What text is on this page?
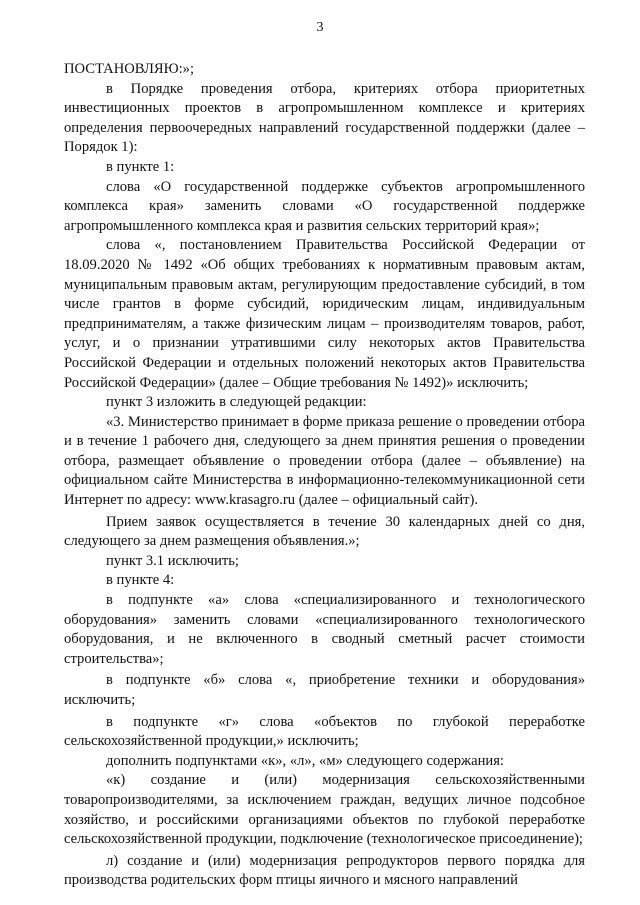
3

ПОСТАНОВЛЯЮ:»;

в Порядке проведения отбора, критериях отбора приоритетных инвестиционных проектов в агропромышленном комплексе и критериях определения первоочередных направлений государственной поддержки (далее – Порядок 1):

в пункте 1:

слова «О государственной поддержке субъектов агропромышленного комплекса края» заменить словами «О государственной поддержке агропромышленного комплекса края и развития сельских территорий края»;

слова «, постановлением Правительства Российской Федерации от 18.09.2020 № 1492 «Об общих требованиях к нормативным правовым актам, муниципальным правовым актам, регулирующим предоставление субсидий, в том числе грантов в форме субсидий, юридическим лицам, индивидуальным предпринимателям, а также физическим лицам – производителям товаров, работ, услуг, и о признании утратившими силу некоторых актов Правительства Российской Федерации и отдельных положений некоторых актов Правительства Российской Федерации» (далее – Общие требования № 1492)» исключить;

пункт 3 изложить в следующей редакции:

«3. Министерство принимает в форме приказа решение о проведении отбора и в течение 1 рабочего дня, следующего за днем принятия решения о проведении отбора, размещает объявление о проведении отбора (далее – объявление) на официальном сайте Министерства в информационно-телекоммуникационной сети Интернет по адресу: www.krasagro.ru (далее – официальный сайт).

Прием заявок осуществляется в течение 30 календарных дней со дня, следующего за днем размещения объявления.»;

пункт 3.1 исключить;

в пункте 4:

в подпункте «а» слова «специализированного и технологического оборудования» заменить словами «специализированного технологического оборудования, и не включенного в сводный сметный расчет стоимости строительства»;

в подпункте «б» слова «, приобретение техники и оборудования» исключить;

в подпункте «г» слова «объектов по глубокой переработке сельскохозяйственной продукции,» исключить;

дополнить подпунктами «к», «л», «м» следующего содержания:

«к) создание и (или) модернизация сельскохозяйственными товаропроизводителями, за исключением граждан, ведущих личное подсобное хозяйство, и российскими организациями объектов по глубокой переработке сельскохозяйственной продукции, подключение (технологическое присоединение);

л) создание и (или) модернизация репродукторов первого порядка для производства родительских форм птицы яичного и мясного направлений
